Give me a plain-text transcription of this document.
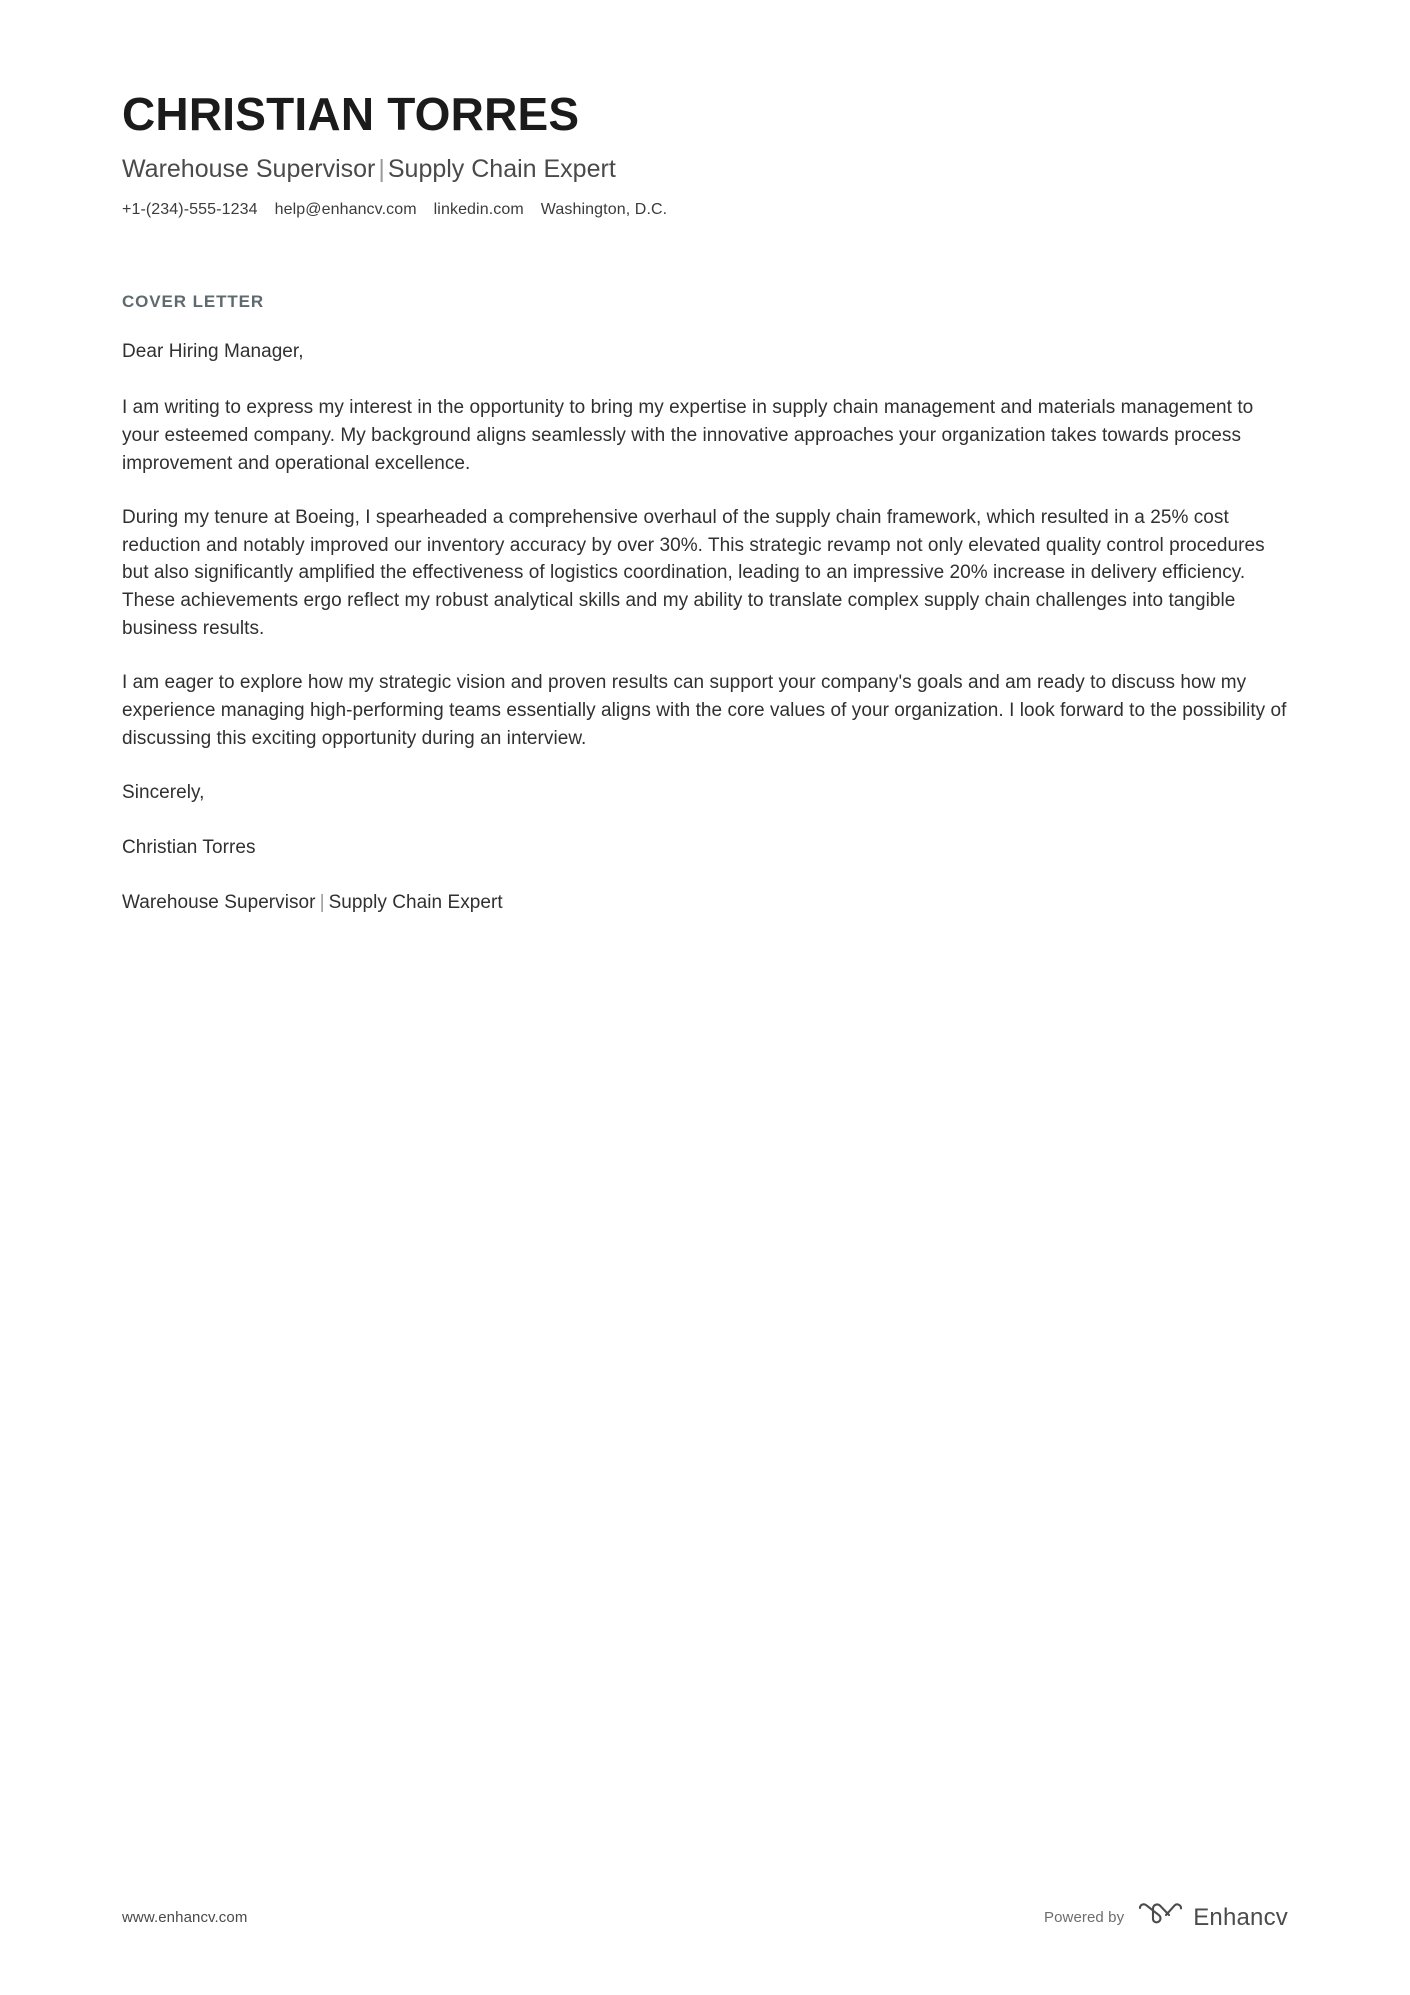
CHRISTIAN TORRES
Warehouse Supervisor | Supply Chain Expert
+1-(234)-555-1234 help@enhancv.com linkedin.com Washington, D.C.
COVER LETTER

Dear Hiring Manager,

I am writing to express my interest in the opportunity to bring my expertise in supply chain management and materials management to your esteemed company. My background aligns seamlessly with the innovative approaches your organization takes towards process improvement and operational excellence.

During my tenure at Boeing, I spearheaded a comprehensive overhaul of the supply chain framework, which resulted in a 25% cost reduction and notably improved our inventory accuracy by over 30%. This strategic revamp not only elevated quality control procedures but also significantly amplified the effectiveness of logistics coordination, leading to an impressive 20% increase in delivery efficiency. These achievements ergo reflect my robust analytical skills and my ability to translate complex supply chain challenges into tangible business results.

I am eager to explore how my strategic vision and proven results can support your company's goals and am ready to discuss how my experience managing high-performing teams essentially aligns with the core values of your organization. I look forward to the possibility of discussing this exciting opportunity during an interview.

Sincerely,

Christian Torres

Warehouse Supervisor | Supply Chain Expert

www.enhancv.com	Powered by	Enhancv
